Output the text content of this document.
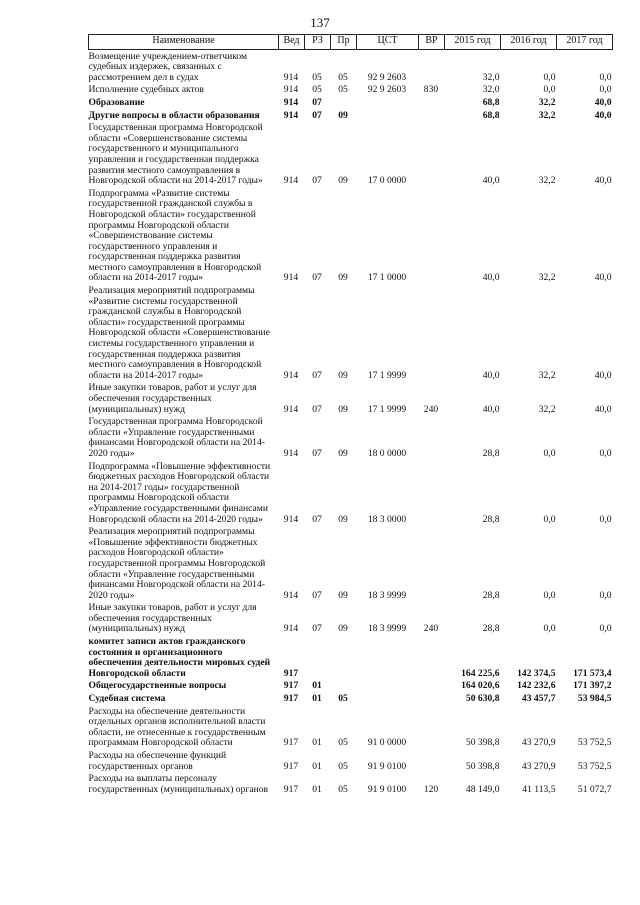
137
Наименование	Вед	РЗ	Пр	ЦСТ	ВР	2015 год	2016 год	2017 год
Возмещение учреждением-ответчиком судебных издержек, связанных с рассмотрением дел в судах	914	05	05	92 9 2603		32,0	0,0	0,0
Исполнение судебных актов	914	05	05	92 9 2603	830	32,0	0,0	0,0
Образование	914	07				68,8	32,2	40,0
Другие вопросы в области образования	914	07	09			68,8	32,2	40,0
Государственная программа Новгородской области «Совершенствование системы государственного и муниципального управления и государственная поддержка развития местного самоуправления в Новгородской области на 2014-2017 годы»	914	07	09	17 0 0000		40,0	32,2	40,0
Подпрограмма «Развитие системы государственной гражданской службы в Новгородской области» государственной программы Новгородской области «Совершенствование системы государственного управления и государственная поддержка развития местного самоуправления в Новгородской области на 2014-2017 годы»	914	07	09	17 1 0000		40,0	32,2	40,0
Реализация мероприятий подпрограммы «Развитие системы государственной гражданской службы в Новгородской области» государственной программы Новгородской области «Совершенствование системы государственного управления и государственная поддержка развития местного самоуправления в Новгородской области на 2014-2017 годы»	914	07	09	17 1 9999		40,0	32,2	40,0
Иные закупки товаров, работ и услуг для обеспечения государственных (муниципальных) нужд	914	07	09	17 1 9999	240	40,0	32,2	40,0
Государственная программа Новгородской области «Управление государственными финансами Новгородской области на 2014-2020 годы»	914	07	09	18 0 0000		28,8	0,0	0,0
Подпрограмма «Повышение эффективности бюджетных расходов Новгородской области на 2014-2017 годы» государственной программы Новгородской области «Управление государственными финансами Новгородской области на 2014-2020 годы»	914	07	09	18 3 0000		28,8	0,0	0,0
Реализация мероприятий подпрограммы «Повышение эффективности бюджетных расходов Новгородской области» государственной программы Новгородской области «Управление государственными финансами Новгородской области на 2014-2020 годы»	914	07	09	18 3 9999		28,8	0,0	0,0
Иные закупки товаров, работ и услуг для обеспечения государственных (муниципальных) нужд	914	07	09	18 3 9999	240	28,8	0,0	0,0
комитет записи актов гражданского состояния и организационного обеспечения деятельности мировых судей Новгородской области	917					164 225,6	142 374,5	171 573,4
Общегосударственные вопросы	917	01				164 020,6	142 232,6	171 397,2
Судебная система	917	01	05			50 630,8	43 457,7	53 984,5
Расходы на обеспечение деятельности отдельных органов исполнительной власти области, не отнесенные к государственным программам Новгородской области	917	01	05	91 0 0000		50 398,8	43 270,9	53 752,5
Расходы на обеспечение функций государственных органов	917	01	05	91 9 0100		50 398,8	43 270,9	53 752,5
Расходы на выплаты персоналу государственных (муниципальных) органов	917	01	05	91 9 0100	120	48 149,0	41 113,5	51 072,7
